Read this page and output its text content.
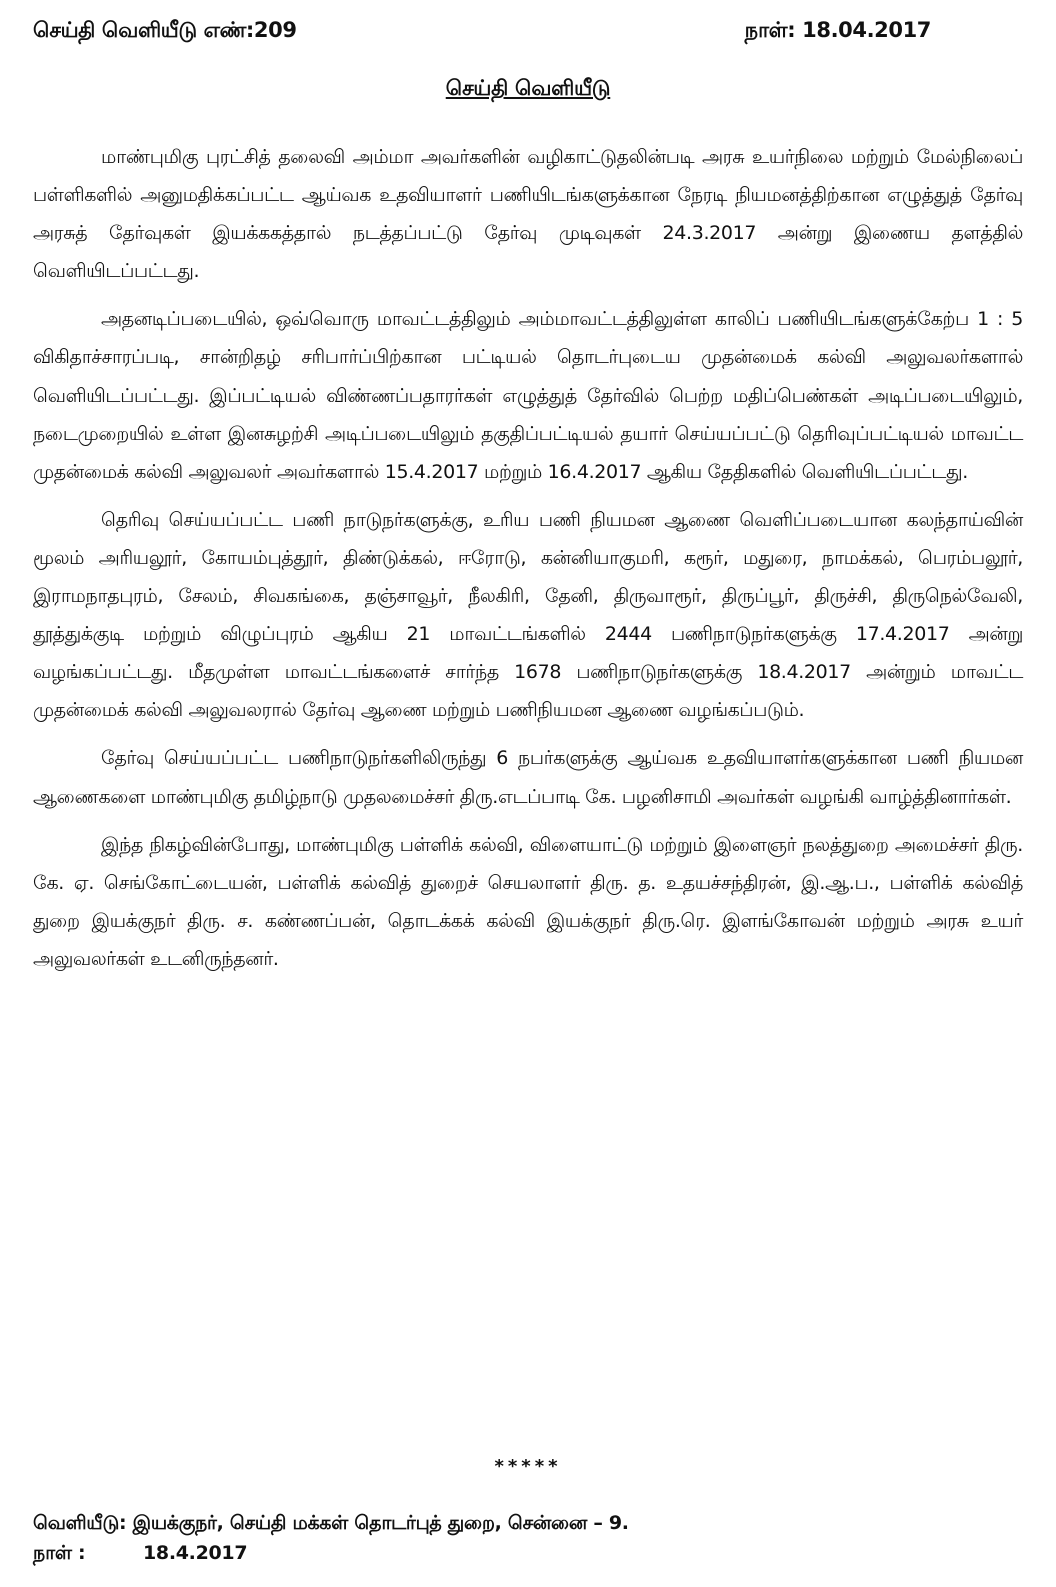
செய்தி வெளியீடு எண்:209	நாள்: 18.04.2017
செய்தி வெளியீடு

மாண்புமிகு புரட்சித் தலைவி அம்மா அவர்களின் வழிகாட்டுதலின்படி அரசு உயர்நிலை மற்றும் மேல்நிலைப் பள்ளிகளில் அனுமதிக்கப்பட்ட ஆய்வக உதவியாளர் பணியிடங்களுக்கான நேரடி நியமனத்திற்கான எழுத்துத் தேர்வு அரசுத் தேர்வுகள் இயக்ககத்தால் நடத்தப்பட்டு தேர்வு முடிவுகள் 24.3.2017 அன்று இணைய தளத்தில் வெளியிடப்பட்டது.

அதனடிப்படையில், ஒவ்வொரு மாவட்டத்திலும் அம்மாவட்டத்திலுள்ள காலிப் பணியிடங்களுக்கேற்ப 1 : 5 விகிதாச்சாரப்படி, சான்றிதழ் சரிபார்ப்பிற்கான பட்டியல் தொடர்புடைய முதன்மைக் கல்வி அலுவலர்களால் வெளியிடப்பட்டது. இப்பட்டியல் விண்ணப்பதாரர்கள் எழுத்துத் தேர்வில் பெற்ற மதிப்பெண்கள் அடிப்படையிலும், நடைமுறையில் உள்ள இனசுழற்சி அடிப்படையிலும் தகுதிப்பட்டியல் தயார் செய்யப்பட்டு தெரிவுப்பட்டியல் மாவட்ட முதன்மைக் கல்வி அலுவலர் அவர்களால் 15.4.2017 மற்றும் 16.4.2017 ஆகிய தேதிகளில் வெளியிடப்பட்டது.

தெரிவு செய்யப்பட்ட பணி நாடுநர்களுக்கு, உரிய பணி நியமன ஆணை வெளிப்படையான கலந்தாய்வின் மூலம் அரியலூர், கோயம்புத்தூர், திண்டுக்கல், ஈரோடு, கன்னியாகுமரி, கரூர், மதுரை, நாமக்கல், பெரம்பலூர், இராமநாதபுரம், சேலம், சிவகங்கை, தஞ்சாவூர், நீலகிரி, தேனி, திருவாரூர், திருப்பூர், திருச்சி, திருநெல்வேலி, தூத்துக்குடி மற்றும் விழுப்புரம் ஆகிய 21 மாவட்டங்களில் 2444 பணிநாடுநர்களுக்கு 17.4.2017 அன்று வழங்கப்பட்டது. மீதமுள்ள மாவட்டங்களைச் சார்ந்த 1678 பணிநாடுநர்களுக்கு 18.4.2017 அன்றும் மாவட்ட முதன்மைக் கல்வி அலுவலரால் தேர்வு ஆணை மற்றும் பணிநியமன ஆணை வழங்கப்படும்.

தேர்வு செய்யப்பட்ட பணிநாடுநர்களிலிருந்து 6 நபர்களுக்கு ஆய்வக உதவியாளர்களுக்கான பணி நியமன ஆணைகளை மாண்புமிகு தமிழ்நாடு முதலமைச்சர் திரு.எடப்பாடி கே. பழனிசாமி அவர்கள் வழங்கி வாழ்த்தினார்கள்.

இந்த நிகழ்வின்போது, மாண்புமிகு பள்ளிக் கல்வி, விளையாட்டு மற்றும் இளைஞர் நலத்துறை அமைச்சர் திரு. கே. ஏ. செங்கோட்டையன், பள்ளிக் கல்வித் துறைச் செயலாளர் திரு. த. உதயச்சந்திரன், இ.ஆ.ப., பள்ளிக் கல்வித் துறை இயக்குநர் திரு. ச. கண்ணப்பன், தொடக்கக் கல்வி இயக்குநர் திரு.ரெ. இளங்கோவன் மற்றும் அரசு உயர் அலுவலர்கள் உடனிருந்தனர்.

*****
வெளியீடு: இயக்குநர், செய்தி மக்கள் தொடர்புத் துறை, சென்னை – 9.
நாள் :	18.4.2017
